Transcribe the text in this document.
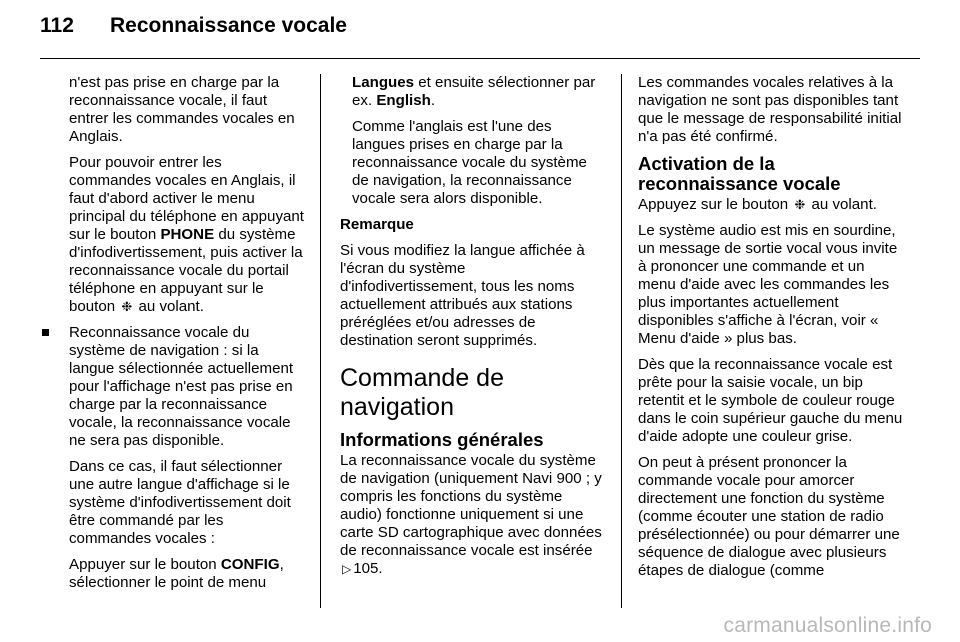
112	Reconnaissance vocale

n'est pas prise en charge par la reconnaissance vocale, il faut entrer les commandes vocales en Anglais.

Pour pouvoir entrer les commandes vocales en Anglais, il faut d'abord activer le menu principal du téléphone en appuyant sur le bouton PHONE du système d'infodivertissement, puis activer la reconnaissance vocale du portail téléphone en appuyant sur le bouton ❉ au volant.

Reconnaissance vocale du système de navigation : si la langue sélectionnée actuellement pour l'affichage n'est pas prise en charge par la reconnaissance vocale, la reconnaissance vocale ne sera pas disponible.

Dans ce cas, il faut sélectionner une autre langue d'affichage si le système d'infodivertissement doit être commandé par les commandes vocales :

Appuyer sur le bouton CONFIG, sélectionner le point de menu

Langues et ensuite sélectionner par ex. English.

Comme l'anglais est l'une des langues prises en charge par la reconnaissance vocale du système de navigation, la reconnaissance vocale sera alors disponible.

Remarque

Si vous modifiez la langue affichée à l'écran du système d'infodivertissement, tous les noms actuellement attribués aux stations préréglées et/ou adresses de destination seront supprimés.

Commande de navigation
Informations générales

La reconnaissance vocale du système de navigation (uniquement Navi 900 ; y compris les fonctions du système audio) fonctionne uniquement si une carte SD cartographique avec données de reconnaissance vocale est insérée ▷ 105.

Les commandes vocales relatives à la navigation ne sont pas disponibles tant que le message de responsabilité initial n'a pas été confirmé.

Activation de la reconnaissance vocale

Appuyez sur le bouton ❉ au volant.

Le système audio est mis en sourdine, un message de sortie vocal vous invite à prononcer une commande et un menu d'aide avec les commandes les plus importantes actuellement disponibles s'affiche à l'écran, voir « Menu d'aide » plus bas.

Dès que la reconnaissance vocale est prête pour la saisie vocale, un bip retentit et le symbole de couleur rouge dans le coin supérieur gauche du menu d'aide adopte une couleur grise.

On peut à présent prononcer la commande vocale pour amorcer directement une fonction du système (comme écouter une station de radio présélectionnée) ou pour démarrer une séquence de dialogue avec plusieurs étapes de dialogue (comme

carmanualsonline.info
